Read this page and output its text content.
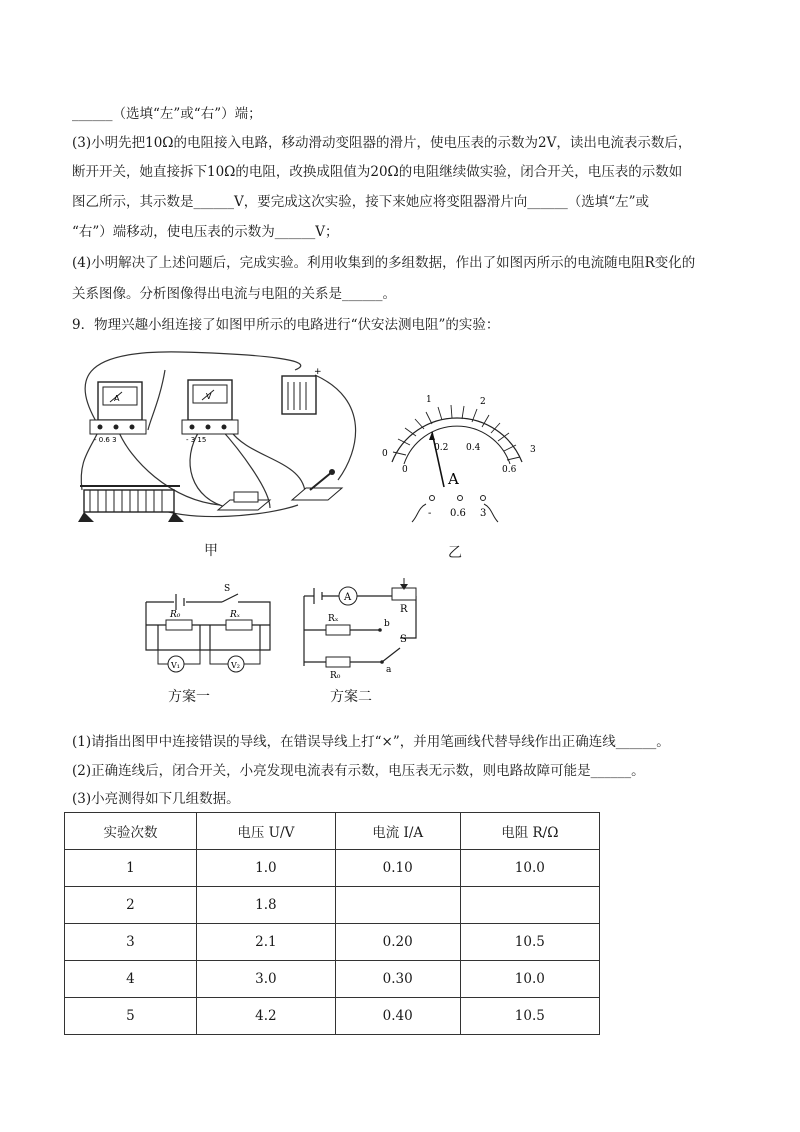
______（选填“左”或“右”）端；
(3)小明先把10Ω的电阻接入电路，移动滑动变阻器的滑片，使电压表的示数为2V，读出电流表示数后，
断开开关，她直接拆下10Ω的电阻，改换成阻值为20Ω的电阻继续做实验，闭合开关，电压表的示数如
图乙所示，其示数是______V，要完成这次实验，接下来她应将变阻器滑片向______（选填“左”或
“右”）端移动，使电压表的示数为______V；
(4)小明解决了上述问题后，完成实验。利用收集到的多组数据，作出了如图丙所示的电流随电阻R变化的
关系图像。分析图像得出电流与电阻的关系是______。
9．物理兴趣小组连接了如图甲所示的电路进行“伏安法测电阻”的实验：
A
- 0.6 3
V
- 3 15
+
甲
0
1	2
3
0
0.2 0.4
0.6
A
- 0.6 3
乙
S
R₀	Rₓ
V₁	V₂
方案一
A
R
Rₓ
R₀
S
b
a
方案二
(1)请指出图甲中连接错误的导线，在错误导线上打“×”，并用笔画线代替导线作出正确连线______。
(2)正确连线后，闭合开关，小亮发现电流表有示数，电压表无示数，则电路故障可能是______。
(3)小亮测得如下几组数据。
实验次数	电压 U/V	电流 I/A	电阻 R/Ω
1	1.0	0.10	10.0
2	1.8		
3	2.1	0.20	10.5
4	3.0	0.30	10.0
5	4.2	0.40	10.5
